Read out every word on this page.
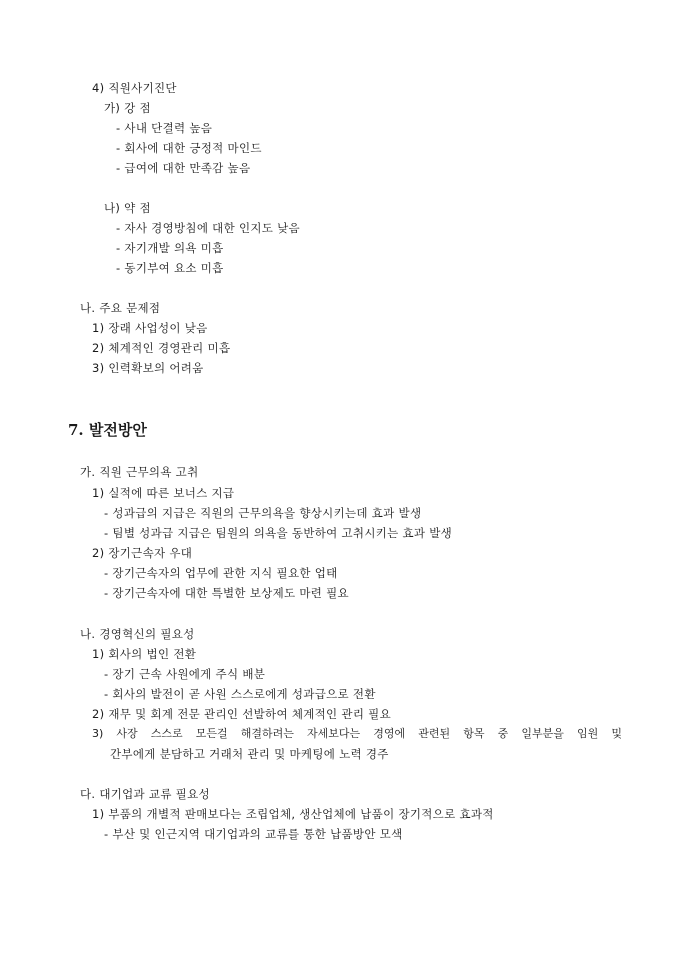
4) 직원사기진단
가) 강 점
- 사내 단결력 높음
- 회사에 대한 긍정적 마인드
- 급여에 대한 만족감 높음
나) 약 점
- 자사 경영방침에 대한 인지도 낮음
- 자기개발 의욕 미흡
- 동기부여 요소 미흡
나. 주요 문제점
1) 장래 사업성이 낮음
2) 체계적인 경영관리 미흡
3) 인력확보의 어려움
7. 발전방안
가. 직원 근무의욕 고취
1) 실적에 따른 보너스 지급
- 성과급의 지급은 직원의 근무의욕을 향상시키는데 효과 발생
- 팀별 성과급 지급은 팀원의 의욕을 동반하여 고취시키는 효과 발생
2) 장기근속자 우대
- 장기근속자의 업무에 관한 지식 필요한 업태
- 장기근속자에 대한 특별한 보상제도 마련 필요
나. 경영혁신의 필요성
1) 회사의 법인 전환
- 장기 근속 사원에게 주식 배분
- 회사의 발전이 곧 사원 스스로에게 성과급으로 전환
2) 재무 및 회계 전문 관리인 선발하여 체계적인 관리 필요
3) 사장 스스로 모든걸 해결하려는 자세보다는 경영에 관련된 항목 중 일부분을 임원 및
간부에게 분담하고 거래처 관리 및 마케팅에 노력 경주
다. 대기업과 교류 필요성
1) 부품의 개별적 판매보다는 조립업체, 생산업체에 납품이 장기적으로 효과적
- 부산 및 인근지역 대기업과의 교류를 통한 납품방안 모색
